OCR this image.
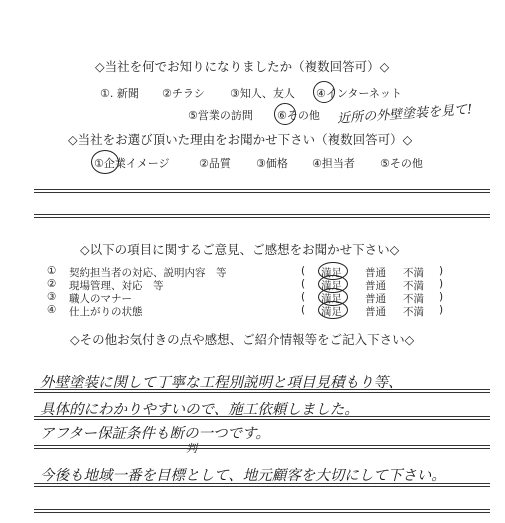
◇当社を何でお知りになりましたか（複数回答可）◇
①. 新聞 ②チラシ ③知人、友人 ④インターネット
⑤営業の訪問 ⑥その他 近所の外壁塗装を見て!
◇当社をお選び頂いた理由をお聞かせ下さい（複数回答可）◇
①企業イメージ	②品質 ③価格 ④担当者 ⑤その他
◇以下の項目に関するご意見、ご感想をお聞かせ下さい◇
① 契約担当者の対応、説明内容　等	( 満足 普通 不満 )
② 現場管理、対応　等	( 満足 普通 不満 )
③ 職人のマナー	( 満足 普通 不満 )
④ 仕上がりの状態	( 満足 普通 不満 )
◇その他お気付きの点や感想、ご紹介情報等をご記入下さい◇
外壁塗装に関して丁寧な工程別説明と項目見積もり等、
具体的にわかりやすいので、施工依頼しました。
アフター保証条件も断の一つです。
判
今後も地域一番を目標として、地元顧客を大切にして下さい。
